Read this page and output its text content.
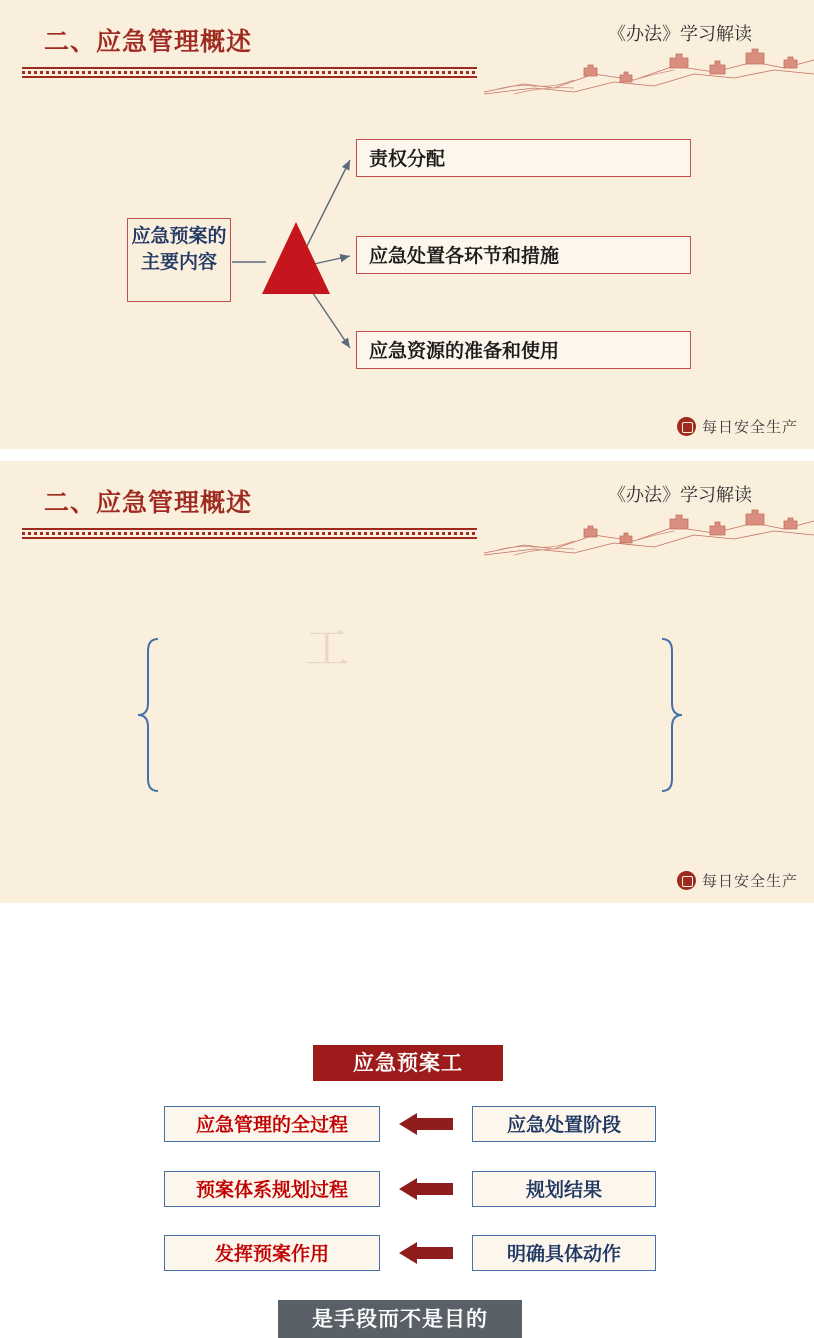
二、应急管理概述	《办法》学习解读
应急预案的主要内容
责权分配
应急处置各环节和措施
应急资源的准备和使用
每日安全生产
二、应急管理概述	《办法》学习解读
工
应急预案工
应急管理的全过程	应急处置阶段
预案体系规划过程	规划结果
发挥预案作用	明确具体动作
是手段而不是目的
每日安全生产
